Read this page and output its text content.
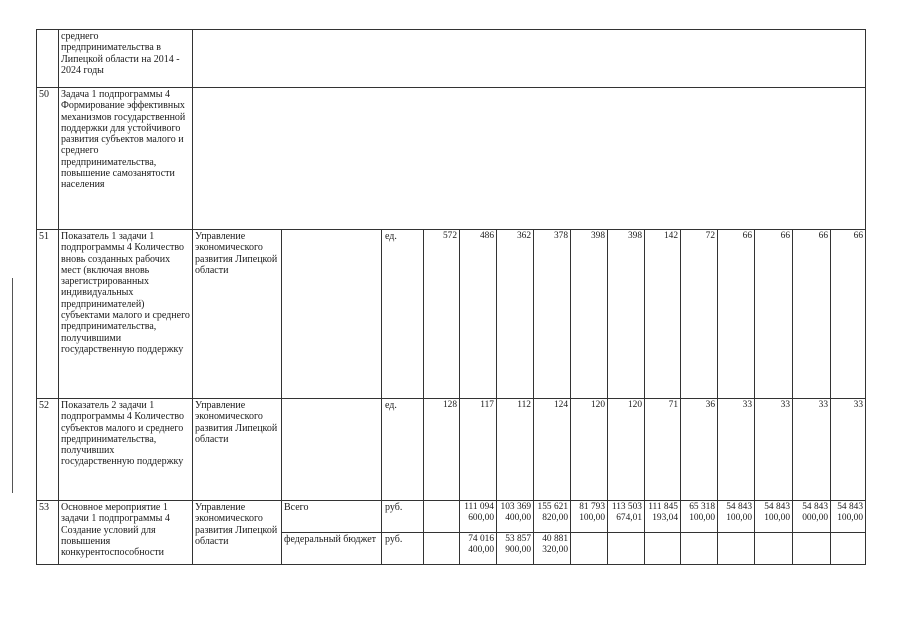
	среднего предпринимательства в Липецкой области на 2014 - 2024 годы															
50	Задача 1 подпрограммы 4 Формирование эффективных механизмов государственной поддержки для устойчивого развития субъектов малого и среднего предпринимательства, повышение самозанятости населения															
51	Показатель 1 задачи 1 подпрограммы 4 Количество вновь созданных рабочих мест (включая вновь зарегистрированных индивидуальных предпринимателей) субъектами малого и среднего предпринимательства, получившими государственную поддержку	Управление экономического развития Липецкой области		ед.	572	486	362	378	398	398	142	72	66	66	66	66
52	Показатель 2 задачи 1 подпрограммы 4 Количество субъектов малого и среднего предпринимательства, получивших государственную поддержку	Управление экономического развития Липецкой области		ед.	128	117	112	124	120	120	71	36	33	33	33	33
53	Основное мероприятие 1 задачи 1 подпрограммы 4 Создание условий для повышения конкурентоспособности	Управление экономического развития Липецкой области	Всего	руб.		111 094 600,00	103 369 400,00	155 621 820,00	81 793 100,00	113 503 674,01	111 845 193,04	65 318 100,00	54 843 100,00	54 843 100,00	54 843 000,00	54 843 100,00
			федеральный бюджет	руб.		74 016 400,00	53 857 900,00	40 881 320,00								
